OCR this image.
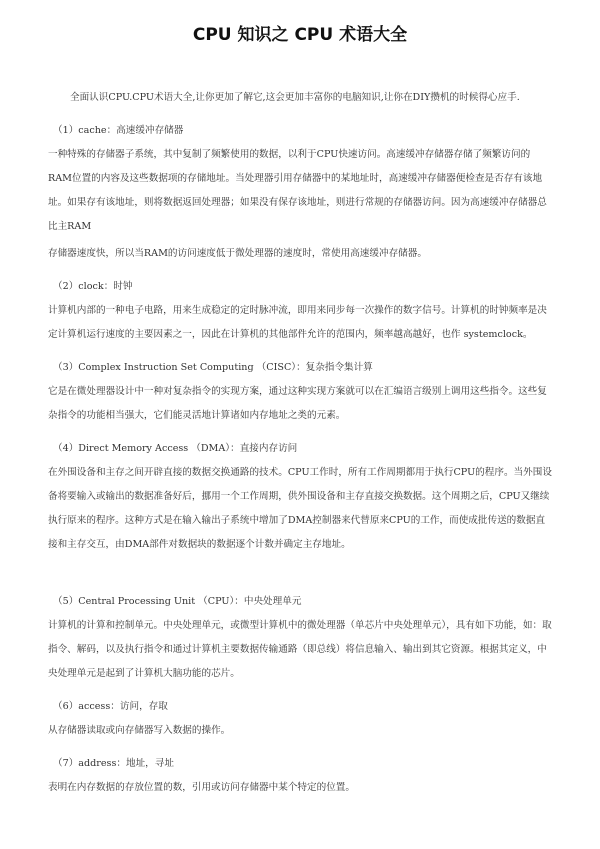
CPU 知识之 CPU 术语大全

全面认识CPU.CPU术语大全,让你更加了解它,这会更加丰富你的电脑知识,让你在DIY攒机的时候得心应手.

（1）cache：高速缓冲存储器

一种特殊的存储器子系统，其中复制了频繁使用的数据，以利于CPU快速访问。高速缓冲存储器存储了频繁访问的RAM位置的内容及这些数据项的存储地址。当处理器引用存储器中的某地址时，高速缓冲存储器便检查是否存有该地址。如果存有该地址，则将数据返回处理器；如果没有保存该地址，则进行常规的存储器访问。因为高速缓冲存储器总比主RAM

存储器速度快，所以当RAM的访问速度低于微处理器的速度时，常使用高速缓冲存储器。

（2）clock：时钟

计算机内部的一种电子电路，用来生成稳定的定时脉冲流，即用来同步每一次操作的数字信号。计算机的时钟频率是决定计算机运行速度的主要因素之一，因此在计算机的其他部件允许的范围内，频率越高越好，也作 systemclock。

（3）Complex Instruction Set Computing （CISC）：复杂指令集计算

它是在微处理器设计中一种对复杂指令的实现方案，通过这种实现方案就可以在汇编语言级别上调用这些指令。这些复杂指令的功能相当强大，它们能灵活地计算诸如内存地址之类的元素。

（4）Direct Memory Access （DMA）：直接内存访问

在外围设备和主存之间开辟直接的数据交换通路的技术。CPU工作时，所有工作周期都用于执行CPU的程序。当外围设备将要输入或输出的数据准备好后，挪用一个工作周期，供外围设备和主存直接交换数据。这个周期之后，CPU又继续执行原来的程序。这种方式是在输入输出子系统中增加了DMA控制器来代替原来CPU的工作，而使成批传送的数据直接和主存交互，由DMA部件对数据块的数据逐个计数并确定主存地址。

（5）Central Processing Unit （CPU）：中央处理单元

计算机的计算和控制单元。中央处理单元，或微型计算机中的微处理器（单芯片中央处理单元），具有如下功能，如：取指令、解码，以及执行指令和通过计算机主要数据传输通路（即总线）将信息输入、输出到其它资源。根据其定义，中央处理单元是起到了计算机大脑功能的芯片。

（6）access：访问，存取

从存储器读取或向存储器写入数据的操作。

（7）address：地址，寻址

表明在内存数据的存放位置的数，引用或访问存储器中某个特定的位置。
